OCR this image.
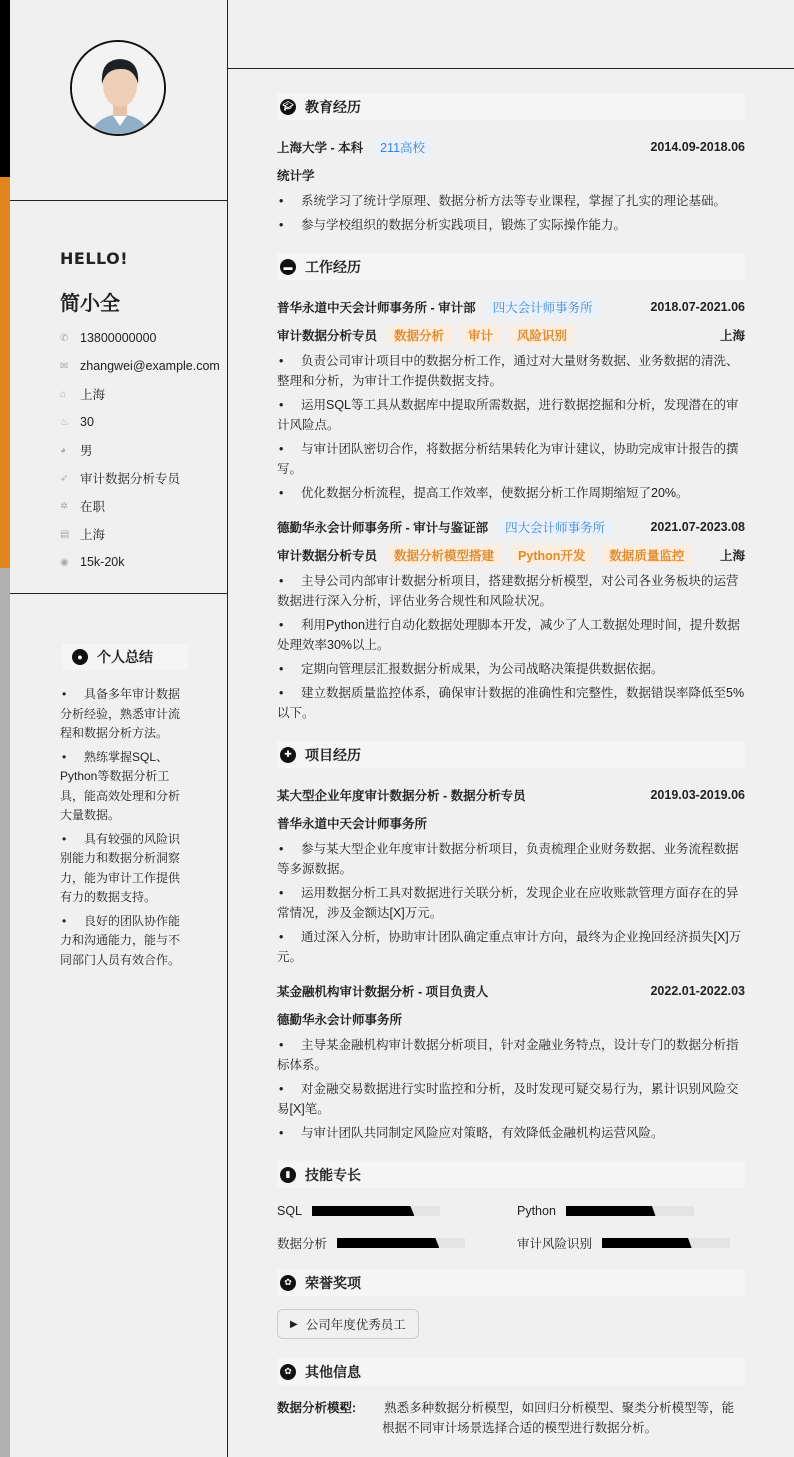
HELLO!
简小全
✆ 13800000000
✉ zhangwei@example.com
⌂	上海
♨ 30
◕	男
➶ 审计数据分析专员
✲ 在职
▤ 上海
◉ 15k-20k
●	个人总结
• 具备多年审计数据分析经验，熟悉审计流程和数据分析方法。
• 熟练掌握SQL、Python等数据分析工具，能高效处理和分析大量数据。
• 具有较强的风险识别能力和数据分析洞察力，能为审计工作提供有力的数据支持。
• 良好的团队协作能力和沟通能力，能与不同部门人员有效合作。
🎓︎ 教育经历
上海大学 - 本科	211高校	2014.09-2018.06
统计学
• 系统学习了统计学原理、数据分析方法等专业课程，掌握了扎实的理论基础。
• 参与学校组织的数据分析实践项目，锻炼了实际操作能力。
▬ 工作经历
普华永道中天会计师事务所 - 审计部	四大会计师事务所	2018.07-2021.06
审计数据分析专员	数据分析	审计	风险识别	上海
• 负责公司审计项目中的数据分析工作，通过对大量财务数据、业务数据的清洗、整理和分析，为审计工作提供数据支持。
• 运用SQL等工具从数据库中提取所需数据，进行数据挖掘和分析，发现潜在的审计风险点。
• 与审计团队密切合作，将数据分析结果转化为审计建议，协助完成审计报告的撰写。
• 优化数据分析流程，提高工作效率，使数据分析工作周期缩短了20%。
德勤华永会计师事务所 - 审计与鉴证部	四大会计师事务所	2021.07-2023.08
审计数据分析专员	数据分析模型搭建	Python开发	数据质量监控	上海
• 主导公司内部审计数据分析项目，搭建数据分析模型，对公司各业务板块的运营数据进行深入分析，评估业务合规性和风险状况。
• 利用Python进行自动化数据处理脚本开发，减少了人工数据处理时间，提升数据处理效率30%以上。
• 定期向管理层汇报数据分析成果，为公司战略决策提供数据依据。
• 建立数据质量监控体系，确保审计数据的准确性和完整性，数据错误率降低至5%以下。
✚ 项目经历
某大型企业年度审计数据分析 - 数据分析专员	2019.03-2019.06
普华永道中天会计师事务所
• 参与某大型企业年度审计数据分析项目，负责梳理企业财务数据、业务流程数据等多源数据。
• 运用数据分析工具对数据进行关联分析，发现企业在应收账款管理方面存在的异常情况，涉及金额达[X]万元。
• 通过深入分析，协助审计团队确定重点审计方向，最终为企业挽回经济损失[X]万元。
某金融机构审计数据分析 - 项目负责人	2022.01-2022.03
德勤华永会计师事务所
• 主导某金融机构审计数据分析项目，针对金融业务特点，设计专门的数据分析指标体系。
• 对金融交易数据进行实时监控和分析，及时发现可疑交易行为，累计识别风险交易[X]笔。
• 与审计团队共同制定风险应对策略，有效降低金融机构运营风险。
▮	技能专长
SQL	Python
数据分析	审计风险识别
✿ 荣誉奖项
▶ 公司年度优秀员工
✿ 其他信息
数据分析模型: • 熟悉多种数据分析模型，如回归分析模型、聚类分析模型等，能根据不同审计场景选择合适的模型进行数据分析。
